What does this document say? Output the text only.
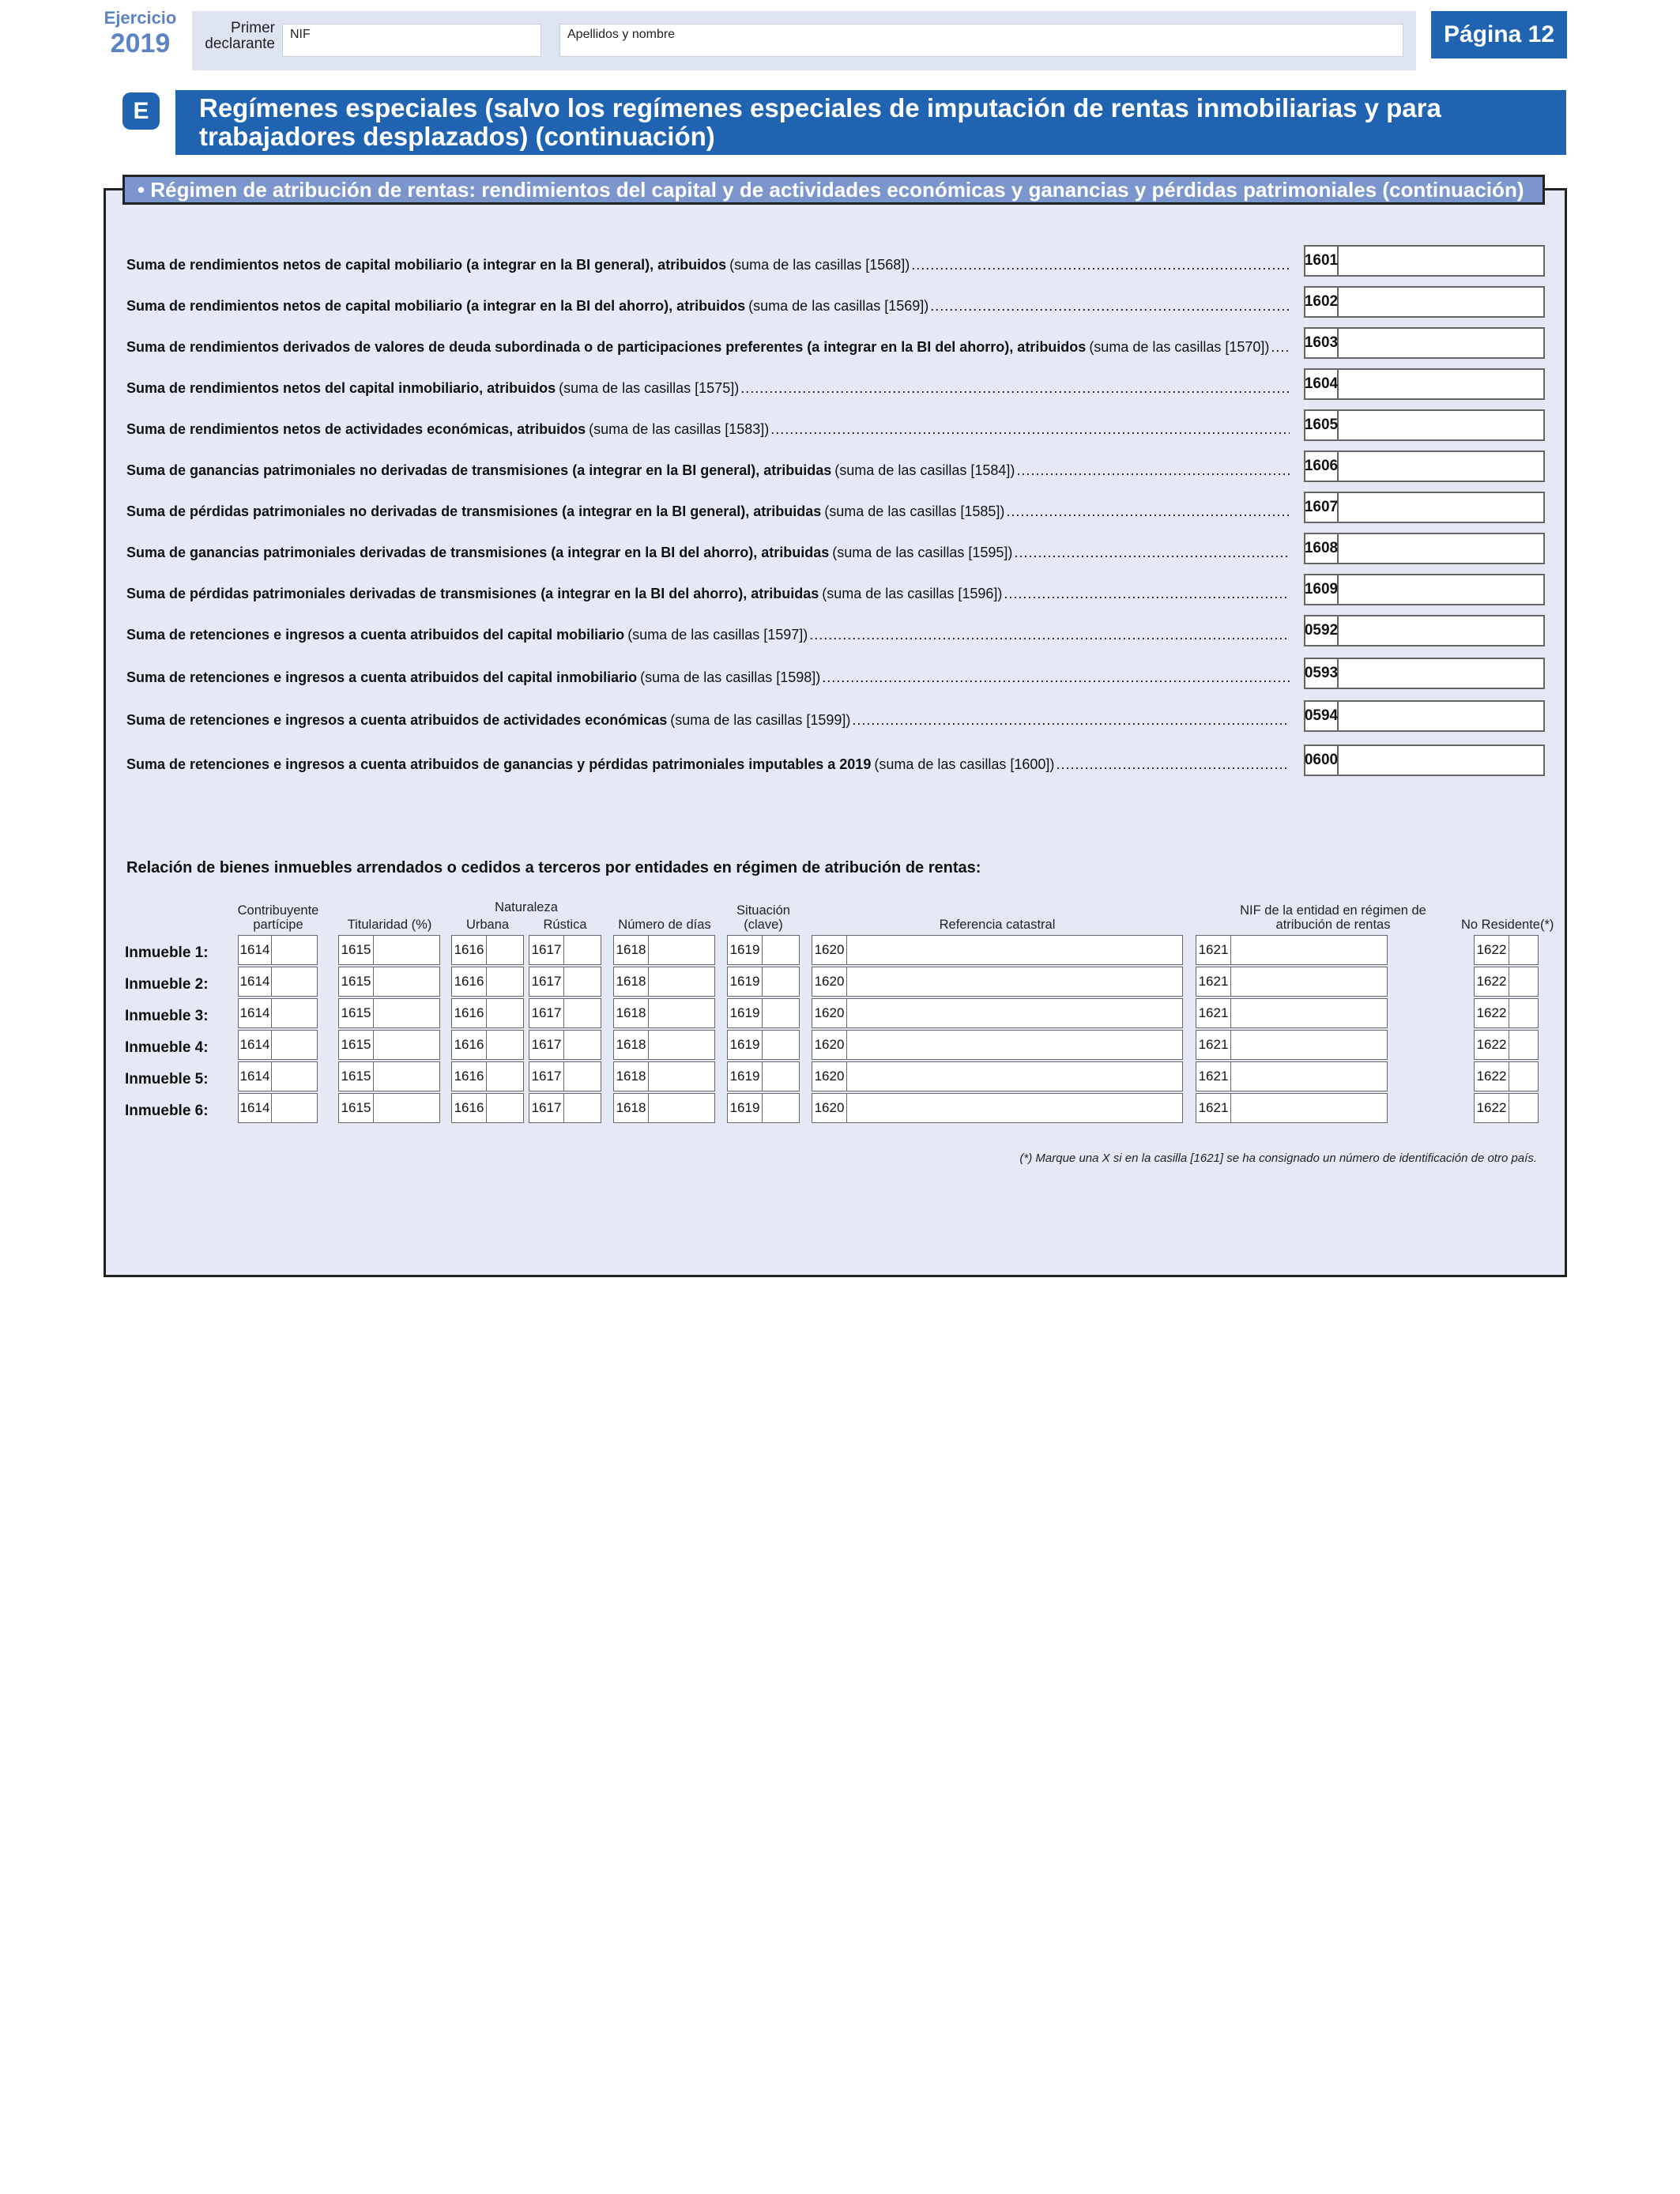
Ejercicio
2019
Primer declarante
NIF	Apellidos y nombre	Página 12
E	Regímenes especiales (salvo los regímenes especiales de imputación de rentas inmobiliarias y para trabajadores desplazados) (continuación)
• Régimen de atribución de rentas: rendimientos del capital y de actividades económicas y ganancias y pérdidas patrimoniales (continuación)
Suma de rendimientos netos de capital mobiliario (a integrar en la BI general), atribuidos (suma de las casillas [1568]) .....	1601
Suma de rendimientos netos de capital mobiliario (a integrar en la BI del ahorro), atribuidos (suma de las casillas [1569]) .....	1602
Suma de rendimientos derivados de valores de deuda subordinada o de participaciones preferentes (a integrar en la BI del ahorro), atribuidos (suma de las casillas [1570]) ..... 1603
Suma de rendimientos netos del capital inmobiliario, atribuidos (suma de las casillas [1575]) .....	1604
Suma de rendimientos netos de actividades económicas, atribuidos (suma de las casillas [1583]) .....	1605
Suma de ganancias patrimoniales no derivadas de transmisiones (a integrar en la BI general), atribuidas (suma de las casillas [1584]) .....	1606
Suma de pérdidas patrimoniales no derivadas de transmisiones (a integrar en la BI general), atribuidas (suma de las casillas [1585]) .....	1607
Suma de ganancias patrimoniales derivadas de transmisiones (a integrar en la BI del ahorro), atribuidas (suma de las casillas [1595]) .....	1608
Suma de pérdidas patrimoniales derivadas de transmisiones (a integrar en la BI del ahorro), atribuidas (suma de las casillas [1596]) .....	1609
Suma de retenciones e ingresos a cuenta atribuidos del capital mobiliario (suma de las casillas [1597]) .....	0592
Suma de retenciones e ingresos a cuenta atribuidos del capital inmobiliario (suma de las casillas [1598]) .....	0593
Suma de retenciones e ingresos a cuenta atribuidos de actividades económicas (suma de las casillas [1599]) .....	0594
Suma de retenciones e ingresos a cuenta atribuidos de ganancias y pérdidas patrimoniales imputables a 2019 (suma de las casillas [1600]) .....	0600
Relación de bienes inmuebles arrendados o cedidos a terceros por entidades en régimen de atribución de rentas:
Contribuyente partícipe	Titularidad (%)
Naturaleza
Urbana	Rústica	Número de días
Situación (clave)	Referencia catastral
NIF de la entidad en régimen de atribución de rentas	No Residente(*)
Inmueble 1: 1614	1615	1616	1617	1618	1619	1620	1621	1622
Inmueble 2: 1614	1615	1616	1617	1618	1619	1620	1621	1622
Inmueble 3: 1614	1615	1616	1617	1618	1619	1620	1621	1622
Inmueble 4: 1614	1615	1616	1617	1618	1619	1620	1621	1622
Inmueble 5: 1614	1615	1616	1617	1618	1619	1620	1621	1622
Inmueble 6: 1614	1615	1616	1617	1618	1619	1620	1621	1622
(*) Marque una X si en la casilla [1621] se ha consignado un número de identificación de otro país.
